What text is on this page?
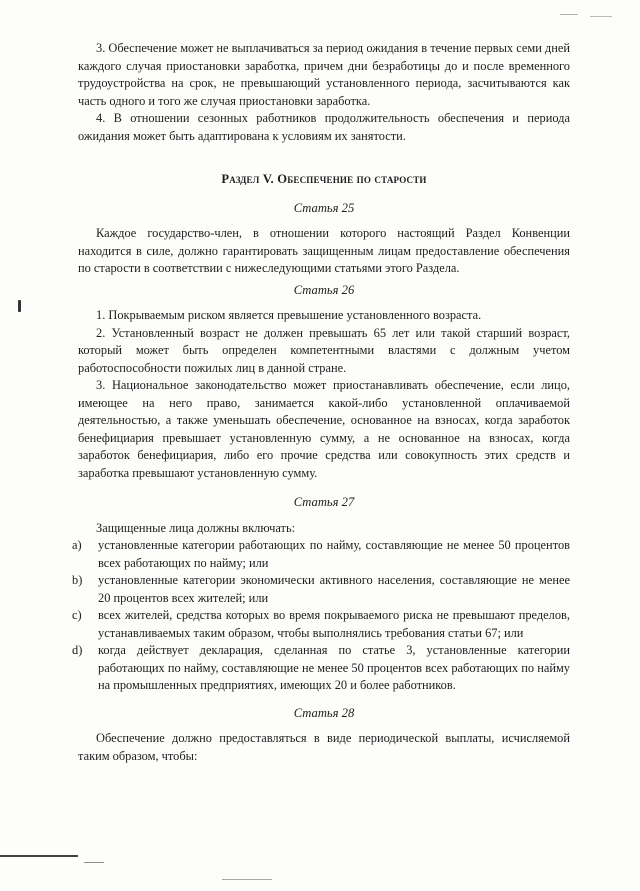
3. Обеспечение может не выплачиваться за период ожидания в течение первых семи дней каждого случая приостановки заработка, причем дни безработицы до и после временного трудоустройства на срок, не превышающий установленного периода, засчитываются как часть одного и того же случая приостановки заработка.

4. В отношении сезонных работников продолжительность обеспечения и периода ожидания может быть адаптирована к условиям их занятости.

Раздел V. Обеспечение по старости

Статья 25

Каждое государство-член, в отношении которого настоящий Раздел Конвенции находится в силе, должно гарантировать защищенным лицам предоставление обеспечения по старости в соответствии с нижеследующими статьями этого Раздела.

Статья 26

1. Покрываемым риском является превышение установленного возраста.

2. Установленный возраст не должен превышать 65 лет или такой старший возраст, который может быть определен компетентными властями с должным учетом работоспособности пожилых лиц в данной стране.

3. Национальное законодательство может приостанавливать обеспечение, если лицо, имеющее на него право, занимается какой-либо установленной оплачиваемой деятельностью, а также уменьшать обеспечение, основанное на взносах, когда заработок бенефициария превышает установленную сумму, а не основанное на взносах, когда заработок бенефициария, либо его прочие средства или совокупность этих средств и заработка превышают установленную сумму.

Статья 27

Защищенные лица должны включать:

a) установленные категории работающих по найму, составляющие не менее 50 процентов всех работающих по найму; или
b) установленные категории экономически активного населения, составляющие не менее 20 процентов всех жителей; или
c) всех жителей, средства которых во время покрываемого риска не превышают пределов, устанавливаемых таким образом, чтобы выполнялись требования статьи 67; или
d) когда действует декларация, сделанная по статье 3, установленные категории работающих по найму, составляющие не менее 50 процентов всех работающих по найму на промышленных предприятиях, имеющих 20 и более работников.

Статья 28

Обеспечение должно предоставляться в виде периодической выплаты, исчисляемой таким образом, чтобы:
